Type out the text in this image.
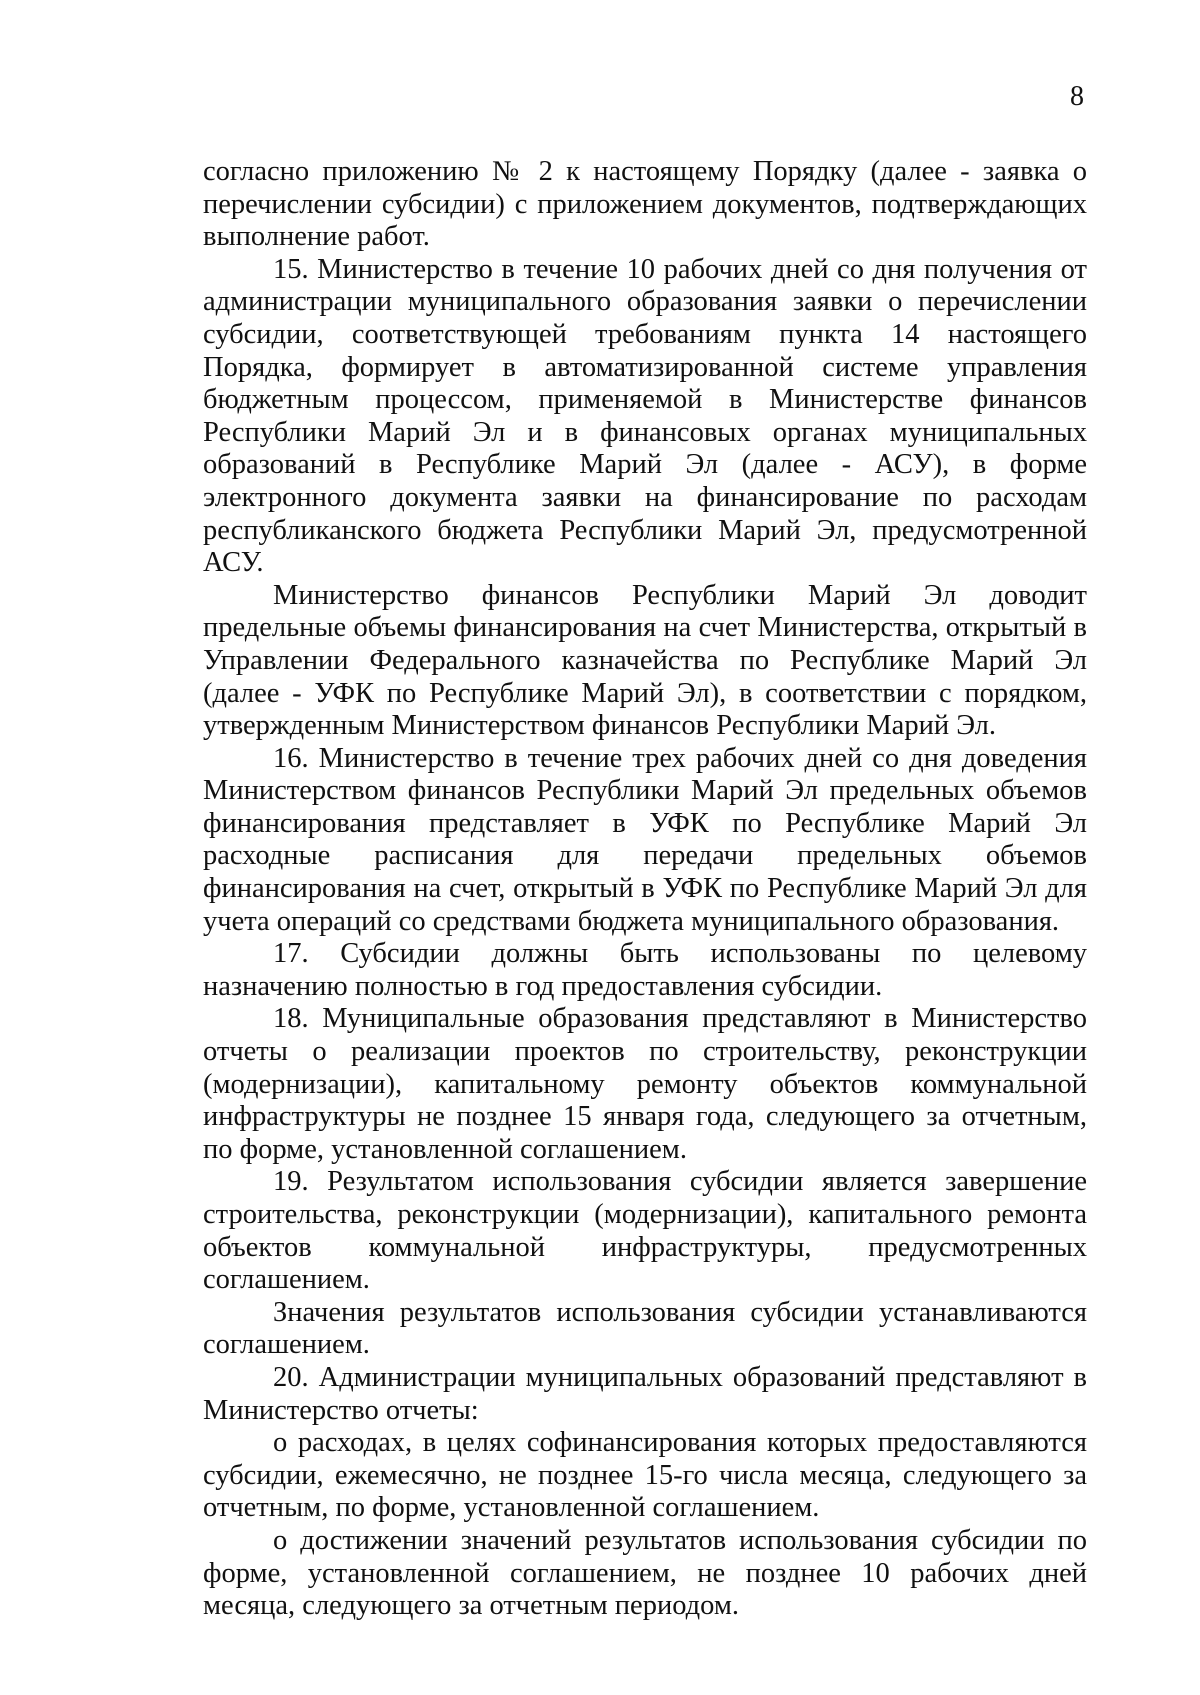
8

согласно приложению № 2 к настоящему Порядку (далее - заявка о перечислении субсидии) с приложением документов, подтверждающих выполнение работ.

15. Министерство в течение 10 рабочих дней со дня получения от администрации муниципального образования заявки о перечислении субсидии, соответствующей требованиям пункта 14 настоящего Порядка, формирует в автоматизированной системе управления бюджетным процессом, применяемой в Министерстве финансов Республики Марий Эл и в финансовых органах муниципальных образований в Республике Марий Эл (далее - АСУ), в форме электронного документа заявки на финансирование по расходам республиканского бюджета Республики Марий Эл, предусмотренной АСУ.

Министерство финансов Республики Марий Эл доводит предельные объемы финансирования на счет Министерства, открытый в Управлении Федерального казначейства по Республике Марий Эл (далее - УФК по Республике Марий Эл), в соответствии с порядком, утвержденным Министерством финансов Республики Марий Эл.

16. Министерство в течение трех рабочих дней со дня доведения Министерством финансов Республики Марий Эл предельных объемов финансирования представляет в УФК по Республике Марий Эл расходные расписания для передачи предельных объемов финансирования на счет, открытый в УФК по Республике Марий Эл для учета операций со средствами бюджета муниципального образования.

17. Субсидии должны быть использованы по целевому назначению полностью в год предоставления субсидии.

18. Муниципальные образования представляют в Министерство отчеты о реализации проектов по строительству, реконструкции (модернизации), капитальному ремонту объектов коммунальной инфраструктуры не позднее 15 января года, следующего за отчетным, по форме, установленной соглашением.

19. Результатом использования субсидии является завершение строительства, реконструкции (модернизации), капитального ремонта объектов коммунальной инфраструктуры, предусмотренных соглашением.

Значения результатов использования субсидии устанавливаются соглашением.

20. Администрации муниципальных образований представляют в Министерство отчеты:

о расходах, в целях софинансирования которых предоставляются субсидии, ежемесячно, не позднее 15-го числа месяца, следующего за отчетным, по форме, установленной соглашением.

о достижении значений результатов использования субсидии по форме, установленной соглашением, не позднее 10 рабочих дней месяца, следующего за отчетным периодом.
